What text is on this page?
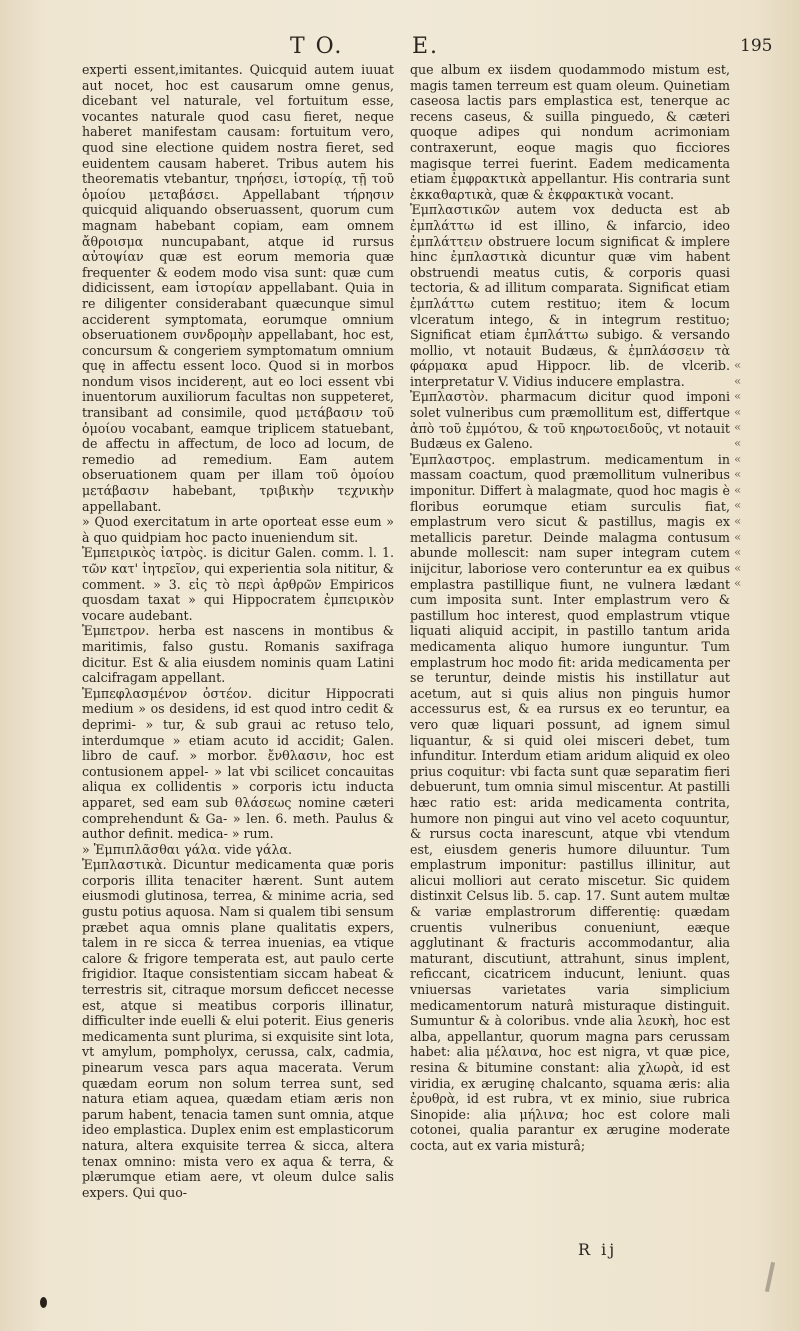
T O.	E.	195

experti essent,imitantes. Quicquid autem iuuat aut nocet, hoc est causarum omne genus, dicebant vel naturale, vel fortuitum esse, vocantes naturale quod casu fieret, neque haberet manifestam causam: fortuitum vero, quod sine electione quidem nostra fieret, sed euidentem causam haberet. Tribus autem his theorematis vtebantur, τηρήσει, ἱστορίᾳ, τῇ τοῦ ὁμοίου μεταβάσει. Appellabant τήρησιν quicquid aliquando obseruassent, quorum cum magnam habebant copiam, eam omnem ἄθροισμα nuncupabant, atque id rursus αὐτοψίαν quæ est eorum memoria quæ frequenter & eodem modo visa sunt: quæ cum didicissent, eam ἱστορίαν appellabant. Quia in re diligenter considerabant quæcunque simul acciderent symptomata, eorumque omnium obseruationem συνδρομὴν appellabant, hoc est, concursum & congeriem symptomatum omnium quę in affectu essent loco. Quod si in morbos nondum visos incidereṇt, aut eo loci essent vbi inuentorum auxiliorum facultas non suppeteret, transibant ad consimile, quod μετάβασιν τοῦ ὁμοίου vocabant, eamque triplicem statuebant, de affectu in affectum, de loco ad locum, de remedio ad remedium. Eam autem obseruationem quam per illam τοῦ ὁμοίου μετάβασιν habebant, τριβικὴν τεχνικὴν appellabant.

» Quod exercitatum in arte oporteat esse eum » à quo quidpiam hoc pacto inueniendum sit.

Ἐμπειρικὸς ἰατρὸς. is dicitur Galen. comm. l. 1. τῶν κατ' ἰητρεῖον, qui experientia sola nititur, & comment. » 3. εἰς τὸ περὶ ἀρθρῶν Empiricos quosdam taxat » qui Hippocratem ἐμπειρικὸν vocare audebant.

Ἐμπετρον. herba est nascens in montibus & maritimis, falso gustu. Romanis saxifraga dicitur. Est & alia eiusdem nominis quam Latini calcifragam appellant.

Ἐμπεφλασμένον ὀστέον. dicitur Hippocrati medium » os desidens, id est quod intro cedit & deprimi- » tur, & sub graui ac retuso telo, interdumque » etiam acuto id accidit; Galen. libro de cauf. » morbor. ἔνθλασιν, hoc est contusionem appel- » lat vbi scilicet concauitas aliqua ex collidentis » corporis ictu inducta apparet, sed eam sub θλάσεως nomine cæteri comprehendunt & Ga- » len. 6. meth. Paulus & author definit. medica- » rum.

» Ἐμπιπλᾶσθαι γάλα. vide γάλα.

Ἐμπλαστικὰ. Dicuntur medicamenta quæ poris corporis illita tenaciter hærent. Sunt autem eiusmodi glutinosa, terrea, & minime acria, sed gustu potius aquosa. Nam si qualem tibi sensum præbet aqua omnis plane qualitatis expers, talem in re sicca & terrea inuenias, ea vtique calore & frigore temperata est, aut paulo certe frigidior. Itaque consistentiam siccam habeat & terrestris sit, citraque morsum deficcet necesse est, atque si meatibus corporis illinatur, difficulter inde euelli & elui poterit. Eius generis medicamenta sunt plurima, si exquisite sint lota, vt amylum, pompholyx, cerussa, calx, cadmia, pinearum vesca pars aqua macerata. Verum quædam eorum non solum terrea sunt, sed natura etiam aquea, quædam etiam æris non parum habent, tenacia tamen sunt omnia, atque ideo emplastica. Duplex enim est emplasticorum natura, altera exquisite terrea & sicca, altera tenax omnino: mista vero ex aqua & terra, & plærumque etiam aere, vt oleum dulce salis expers. Qui quo-

que album ex iisdem quodammodo mistum est, magis tamen terreum est quam oleum. Quinetiam caseosa lactis pars emplastica est, tenerque ac recens caseus, & suilla pinguedo, & cæteri quoque adipes qui nondum acrimoniam contraxerunt, eoque magis quo ficciores magisque terrei fuerint. Eadem medicamenta etiam ἐμφρακτικὰ appellantur. His contraria sunt ἐκκαθαρτικὰ, quæ & ἐκφρακτικὰ vocant.

Ἐμπλαστικῶν autem vox deducta est ab ἐμπλάττω id est illino, & infarcio, ideo ἐμπλάττειν obstruere locum significat & implere hinc ἐμπλαστικὰ dicuntur quæ vim habent obstruendi meatus cutis, & corporis quasi tectoria, & ad illitum comparata. Significat etiam ἐμπλάττω cutem restituo; item & locum vlceratum intego, & in integrum restituo; Significat etiam ἐμπλάττω subigo. & versando mollio, vt notauit Budæus, & ἐμπλάσσειν τὰ φάρμακα apud Hippocr. lib. de vlcerib. interpretatur V. Vidius inducere emplastra.

Ἐμπλαστὸν. pharmacum dicitur quod imponi solet vulneribus cum præmollitum est, differtque ἀπὸ τοῦ ἐμμότου, & τοῦ κηρωτοειδοῦς, vt notauit Budæus ex Galeno.

Ἐμπλαστρος. emplastrum. medicamentum in massam coactum, quod præmollitum vulneribus imponitur. Differt à malagmate, quod hoc magis è floribus eorumque etiam surculis fiat, emplastrum vero sicut & pastillus, magis ex metallicis paretur. Deinde malagma contusum abunde mollescit: nam super integram cutem inijcitur, laboriose vero conteruntur ea ex quibus emplastra pastillique fiunt, ne vulnera lædant cum imposita sunt. Inter emplastrum vero & pastillum hoc interest, quod emplastrum vtique liquati aliquid accipit, in pastillo tantum arida medicamenta aliquo humore iunguntur. Tum emplastrum hoc modo fit: arida medicamenta per se teruntur, deinde mistis his instillatur aut acetum, aut si quis alius non pinguis humor accessurus est, & ea rursus ex eo teruntur, ea vero quæ liquari possunt, ad ignem simul liquantur, & si quid olei misceri debet, tum infunditur. Interdum etiam aridum aliquid ex oleo prius coquitur: vbi facta sunt quæ separatim fieri debuerunt, tum omnia simul miscentur. At pastilli hæc ratio est: arida medicamenta contrita, humore non pingui aut vino vel aceto coquuntur, & rursus cocta inarescunt, atque vbi vtendum est, eiusdem generis humore diluuntur. Tum emplastrum imponitur: pastillus illinitur, aut alicui molliori aut cerato miscetur. Sic quidem distinxit Celsus lib. 5. cap. 17. Sunt autem multæ & variæ emplastrorum differentię: quædam cruentis vulneribus conueniunt, eæque agglutinant & fracturis accommodantur, alia maturant, discutiunt, attrahunt, sinus implent, reficcant, cicatricem inducunt, leniunt. quas vniuersas varietates varia simplicium medicamentorum naturâ misturaque distinguit. Sumuntur & à coloribus. vnde alia λευκὴ, hoc est alba, appellantur, quorum magna pars cerussam habet: alia μέλαινα, hoc est nigra, vt quæ pice, resina & bitumine constant: alia χλωρὰ, id est viridia, ex æruginę chalcanto, squama æris: alia ἐρυθρὰ, id est rubra, vt ex minio, siue rubrica Sinopide: alia μήλινα; hoc est colore mali cotonei, qualia parantur ex ærugine moderate cocta, aut ex varia misturâ;

«
«
«
«
«
«
«
«
«
«
«
«
«
«
«
R ij
